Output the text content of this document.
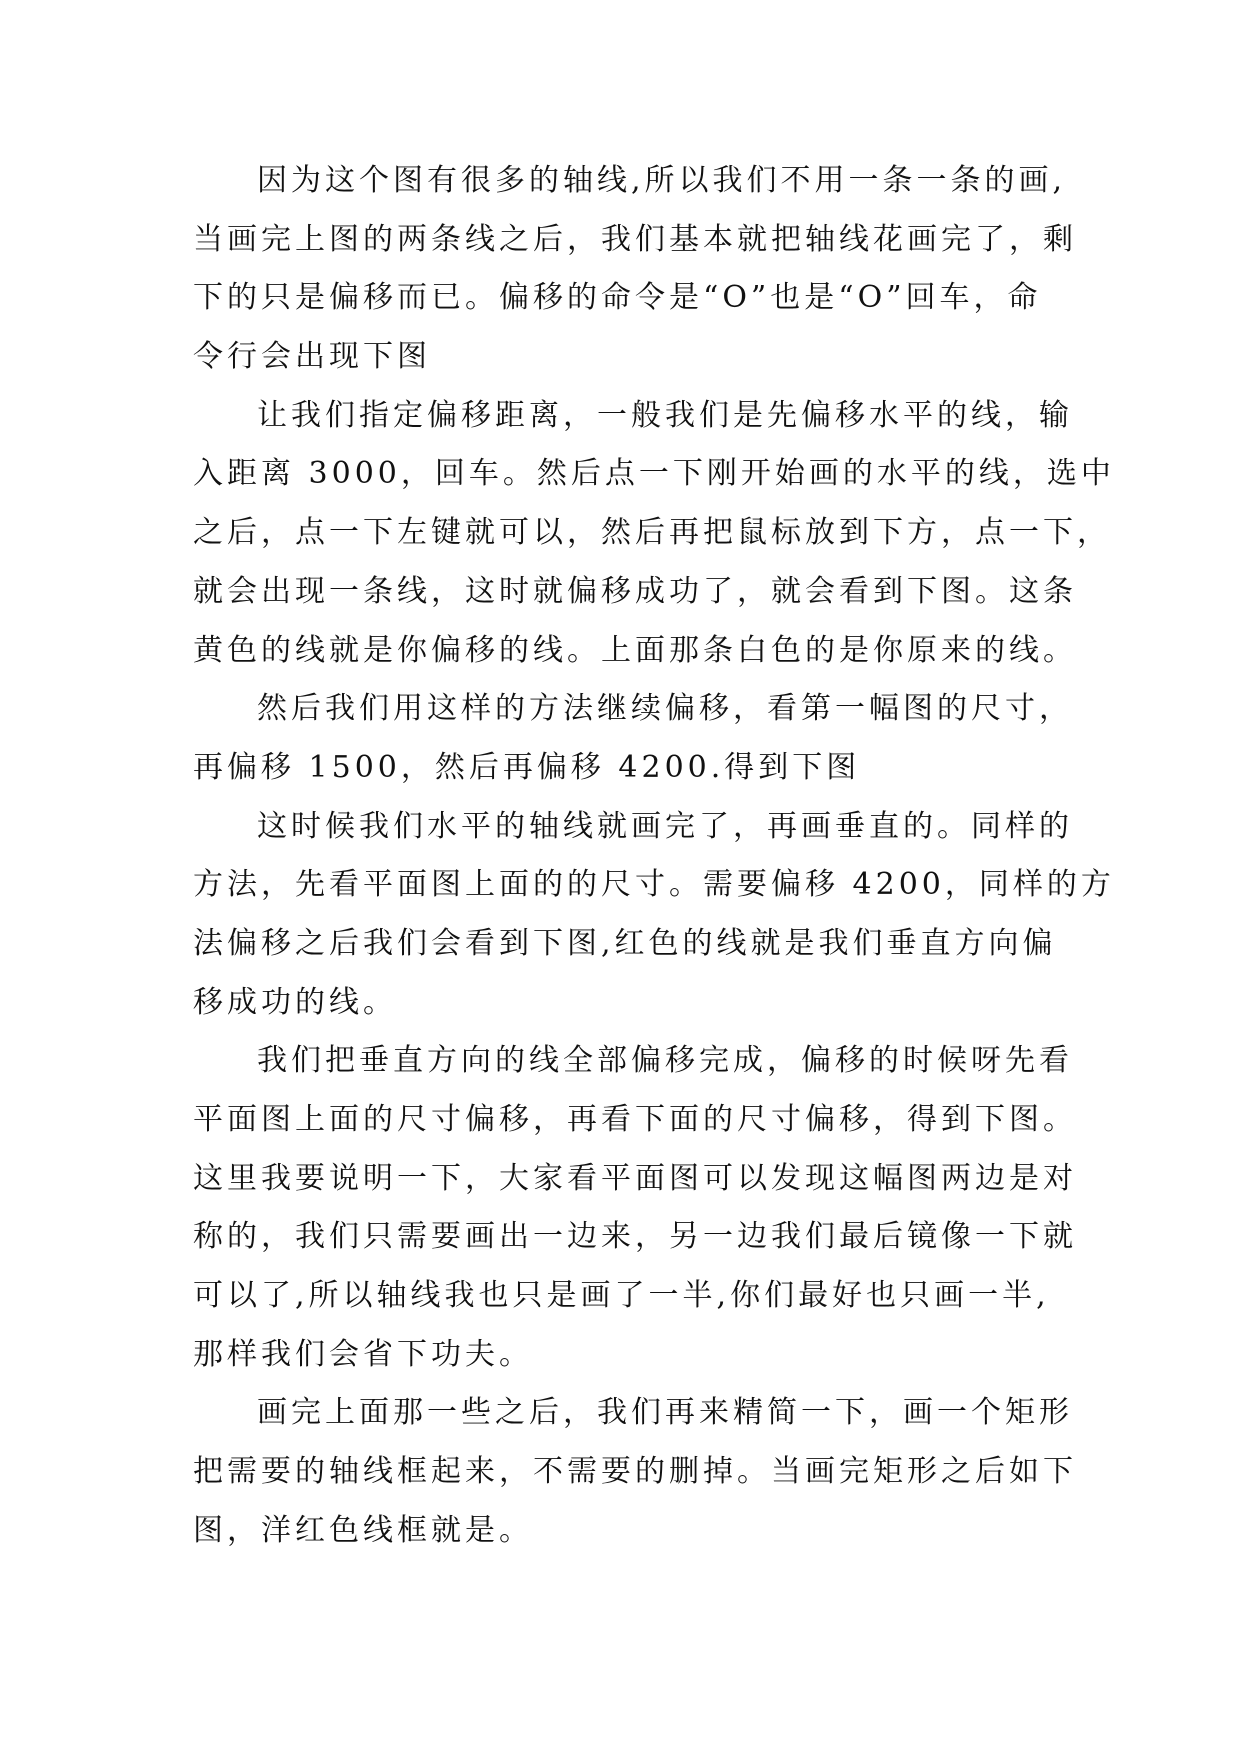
因为这个图有很多的轴线,所以我们不用一条一条的画,
当画完上图的两条线之后，我们基本就把轴线花画完了，剩
下的只是偏移而已。偏移的命令是“O”也是“O”回车，命
令行会出现下图
让我们指定偏移距离，一般我们是先偏移水平的线，输
入距离 3000，回车。然后点一下刚开始画的水平的线，选中
之后，点一下左键就可以，然后再把鼠标放到下方，点一下，
就会出现一条线，这时就偏移成功了，就会看到下图。这条
黄色的线就是你偏移的线。上面那条白色的是你原来的线。
然后我们用这样的方法继续偏移，看第一幅图的尺寸，
再偏移 1500，然后再偏移 4200.得到下图
这时候我们水平的轴线就画完了，再画垂直的。同样的
方法，先看平面图上面的的尺寸。需要偏移 4200，同样的方
法偏移之后我们会看到下图,红色的线就是我们垂直方向偏
移成功的线。
我们把垂直方向的线全部偏移完成，偏移的时候呀先看
平面图上面的尺寸偏移，再看下面的尺寸偏移，得到下图。
这里我要说明一下，大家看平面图可以发现这幅图两边是对
称的，我们只需要画出一边来，另一边我们最后镜像一下就
可以了,所以轴线我也只是画了一半,你们最好也只画一半,
那样我们会省下功夫。
画完上面那一些之后，我们再来精简一下，画一个矩形
把需要的轴线框起来，不需要的删掉。当画完矩形之后如下
图，洋红色线框就是。
